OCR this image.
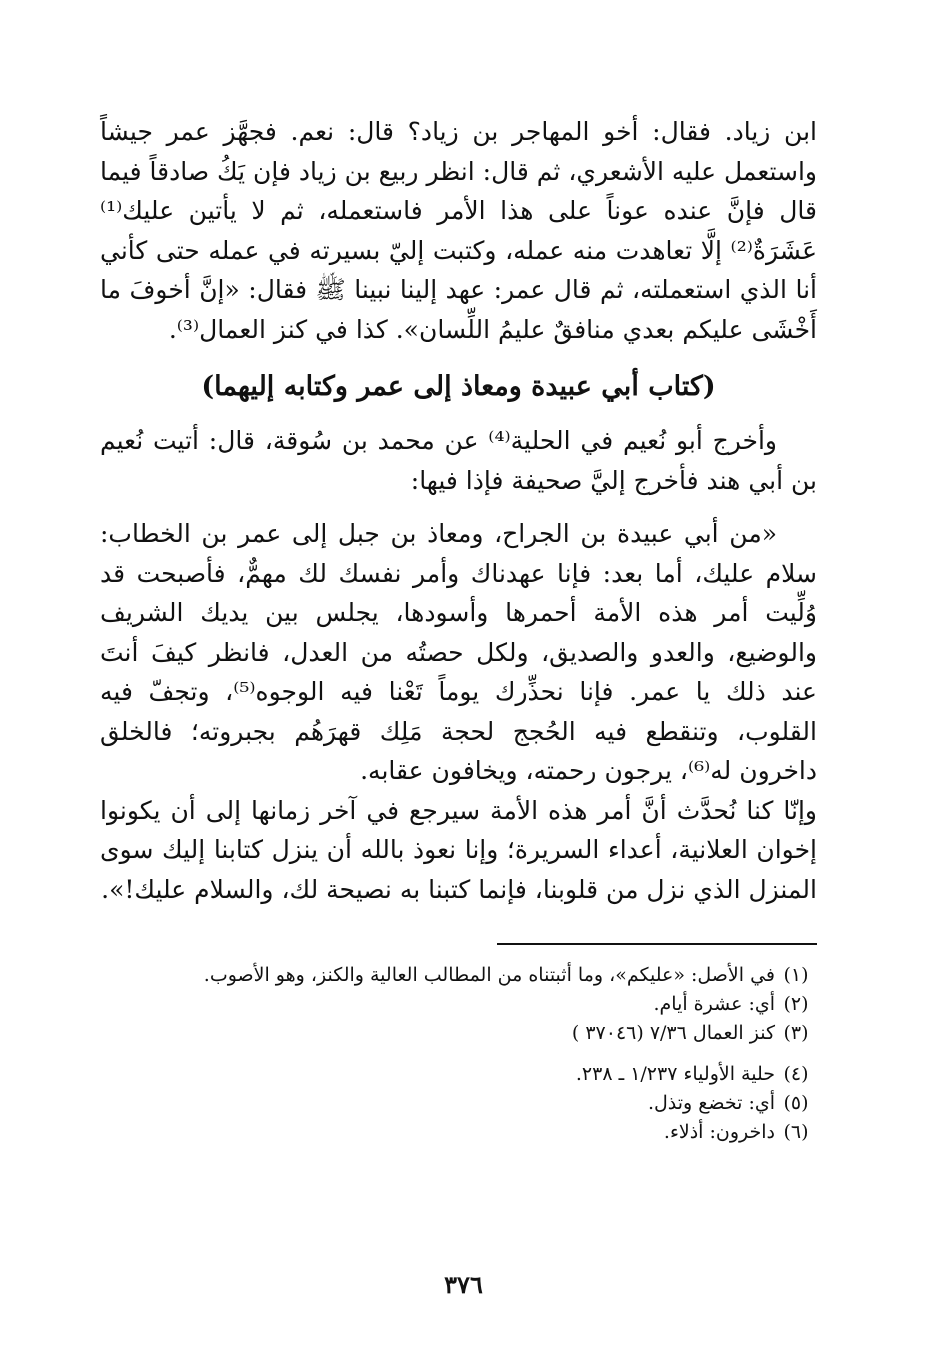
ابن زياد. فقال: أخو المهاجر بن زياد؟ قال: نعم. فجهَّز عمر جيشاً واستعمل عليه الأشعري، ثم قال: انظر ربيع بن زياد فإن يَكُ صادقاً فيما قال فإنَّ عنده عوناً على هذا الأمر فاستعمله، ثم لا يأتين عليك⁽¹⁾ عَشَرَةٌ⁽²⁾ إلَّا تعاهدت منه عمله، وكتبت إليّ بسيرته في عمله حتى كأني أنا الذي استعملته، ثم قال عمر: عهد إلينا نبينا ﷺ فقال: «إنَّ أخوفَ ما أَخْشَى عليكم بعدي منافقٌ عليمُ اللِّسان». كذا في كنز العمال⁽³⁾.

(كتاب أبي عبيدة ومعاذ إلى عمر وكتابه إليهما)

وأخرج أبو نُعيم في الحلية⁽⁴⁾ عن محمد بن سُوقة، قال: أتيت نُعيم بن أبي هند فأخرج إليَّ صحيفة فإذا فيها:

«من أبي عبيدة بن الجراح، ومعاذ بن جبل إلى عمر بن الخطاب: سلام عليك، أما بعد: فإنا عهدناك وأمر نفسك لك مهمٌّ، فأصبحت قد وُلِّيت أمر هذه الأمة أحمرها وأسودها، يجلس بين يديك الشريف والوضيع، والعدو والصديق، ولكل حصتُه من العدل، فانظر كيفَ أنتَ عند ذلك يا عمر. فإنا نحذِّرك يوماً تَعْنا فيه الوجوه⁽⁵⁾، وتجفّ فيه القلوب، وتنقطع فيه الحُجج لحجة مَلِك قهرَهُم بجبروته؛ فالخلق داخرون له⁽⁶⁾، يرجون رحمته، ويخافون عقابه.

وإنّا كنا نُحدَّث أنَّ أمر هذه الأمة سيرجع في آخر زمانها إلى أن يكونوا إخوان العلانية، أعداء السريرة؛ وإنا نعوذ بالله أن ينزل كتابنا إليك سوى المنزل الذي نزل من قلوبنا، فإنما كتبنا به نصيحة لك، والسلام عليك!».

(١)
في الأصل: «عليكم»، وما أثبتناه من المطالب العالية والكنز، وهو الأصوب.
(٢)
أي: عشرة أيام.
(٣)
كنز العمال ٧/٣٦ (٣٧٠٤٦ )
(٤)
حلية الأولياء ١/٢٣٧ ـ ٢٣٨.
(٥)
أي: تخضع وتذل.
(٦)
داخرون: أذلاء.
٣٧٦
